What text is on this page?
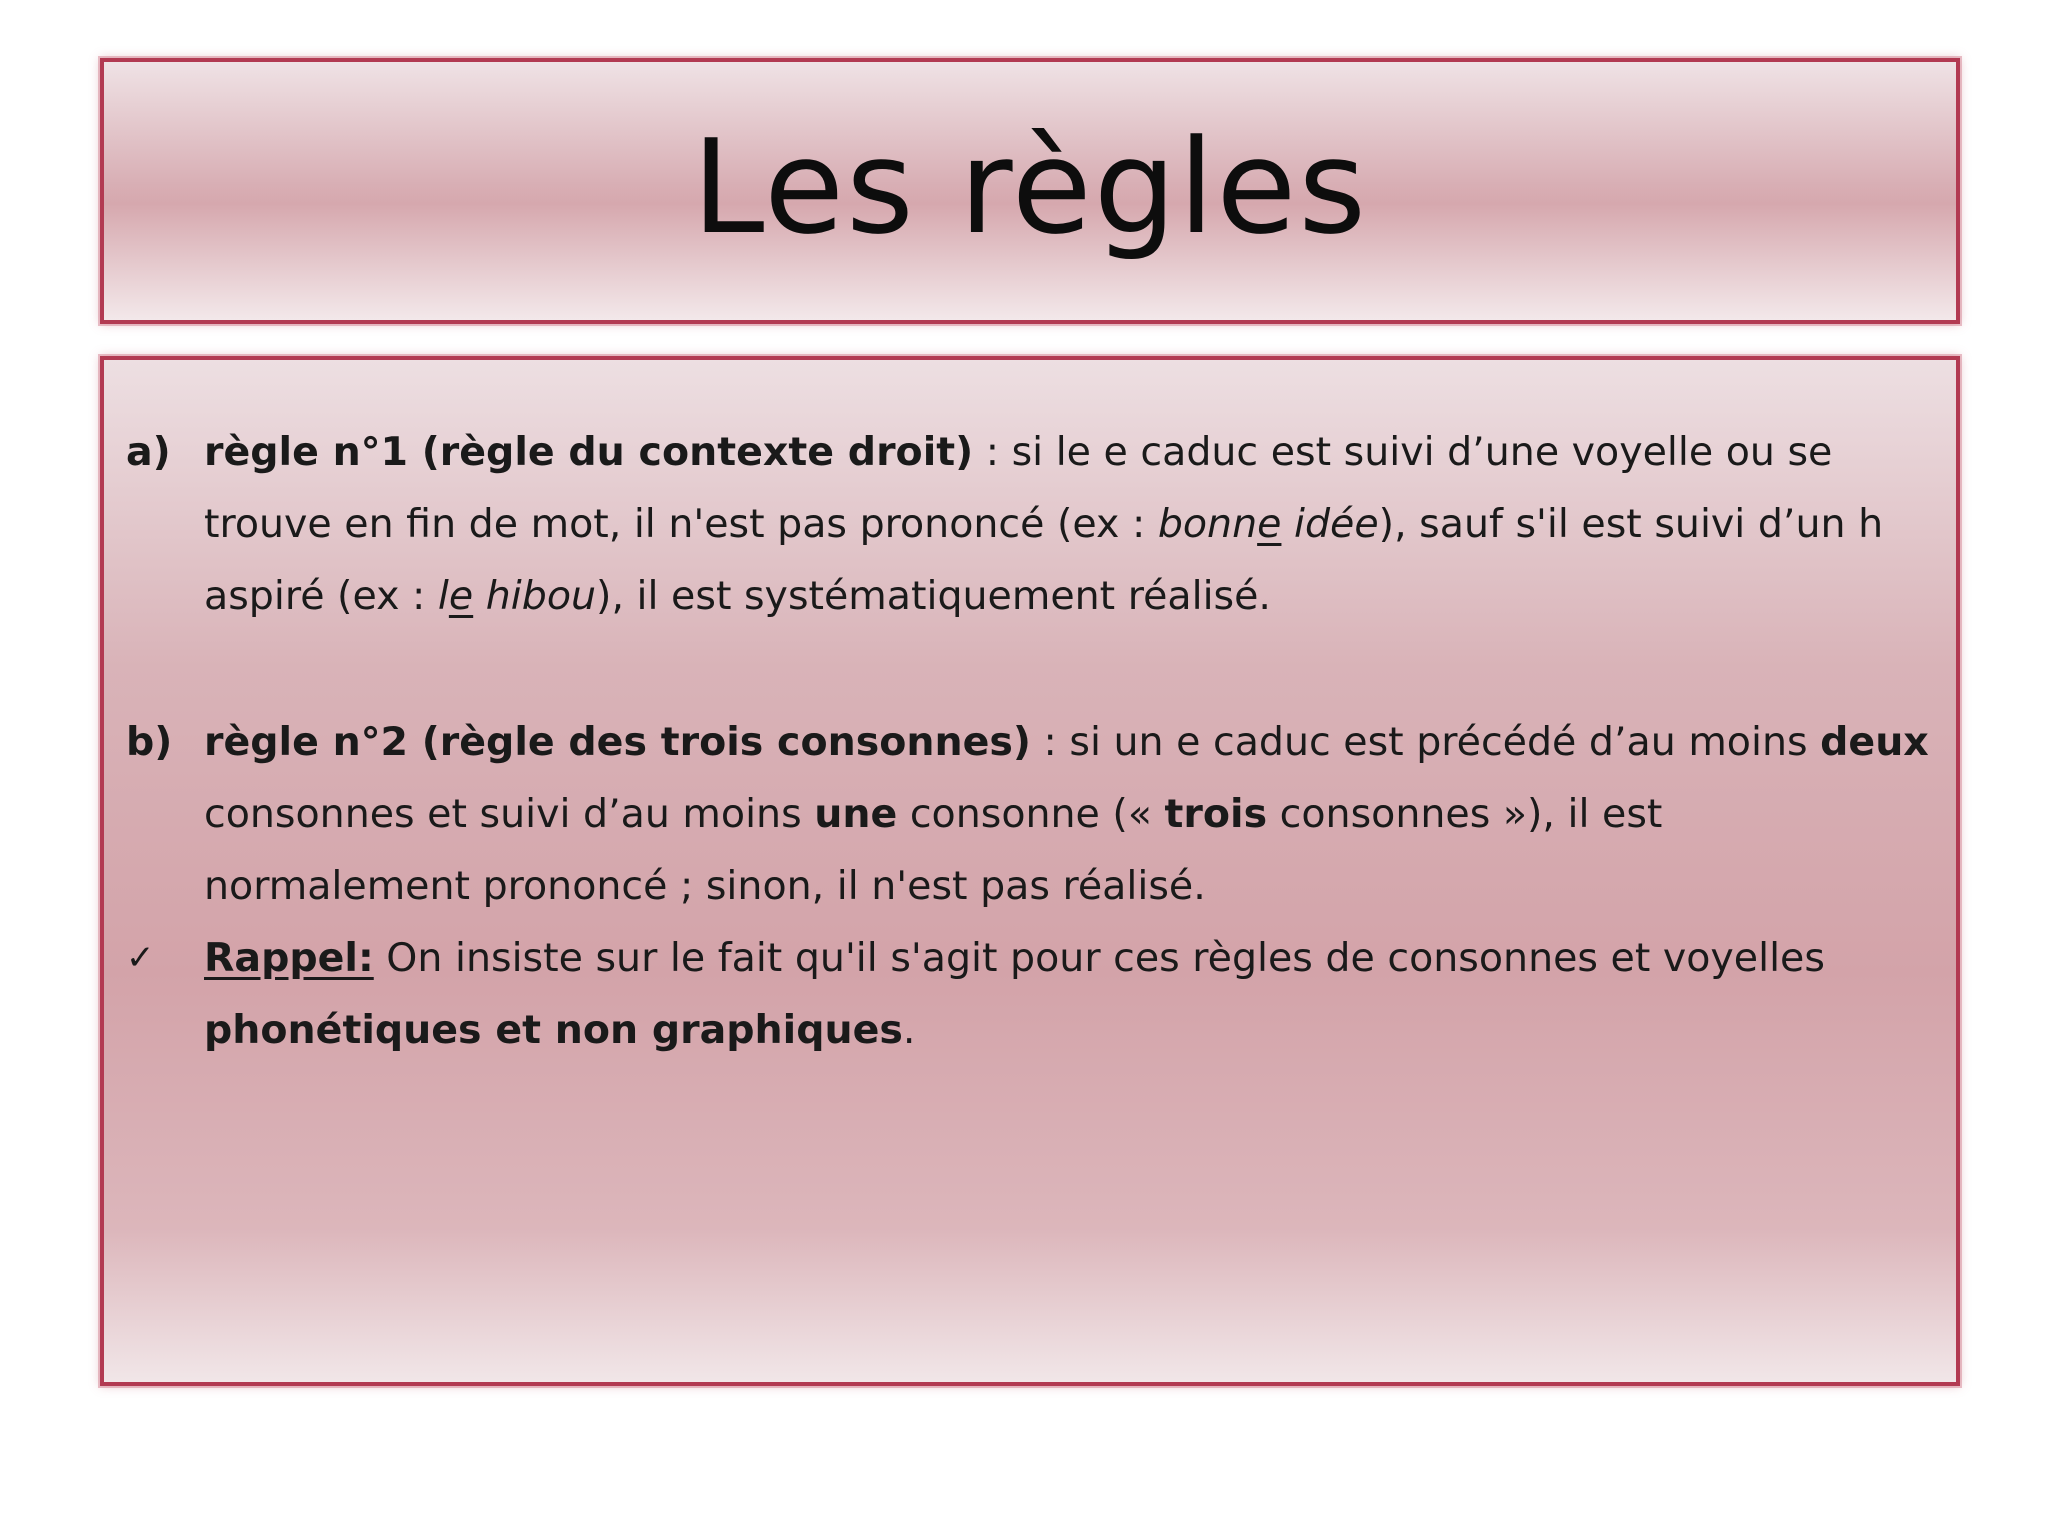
Les règles
a) règle n°1 (règle du contexte droit) : si le e caduc est suivi d’une voyelle ou se trouve en fin de mot, il n'est pas prononcé (ex : bonne idée), sauf s'il est suivi d’un h aspiré (ex : le hibou), il est systématiquement réalisé.
b) règle n°2 (règle des trois consonnes) : si un e caduc est précédé d’au moins deux consonnes et suivi d’au moins une consonne (« trois consonnes »), il est normalement prononcé ; sinon, il n'est pas réalisé.
✓	Rappel: On insiste sur le fait qu'il s'agit pour ces règles de consonnes et voyelles phonétiques et non graphiques.
